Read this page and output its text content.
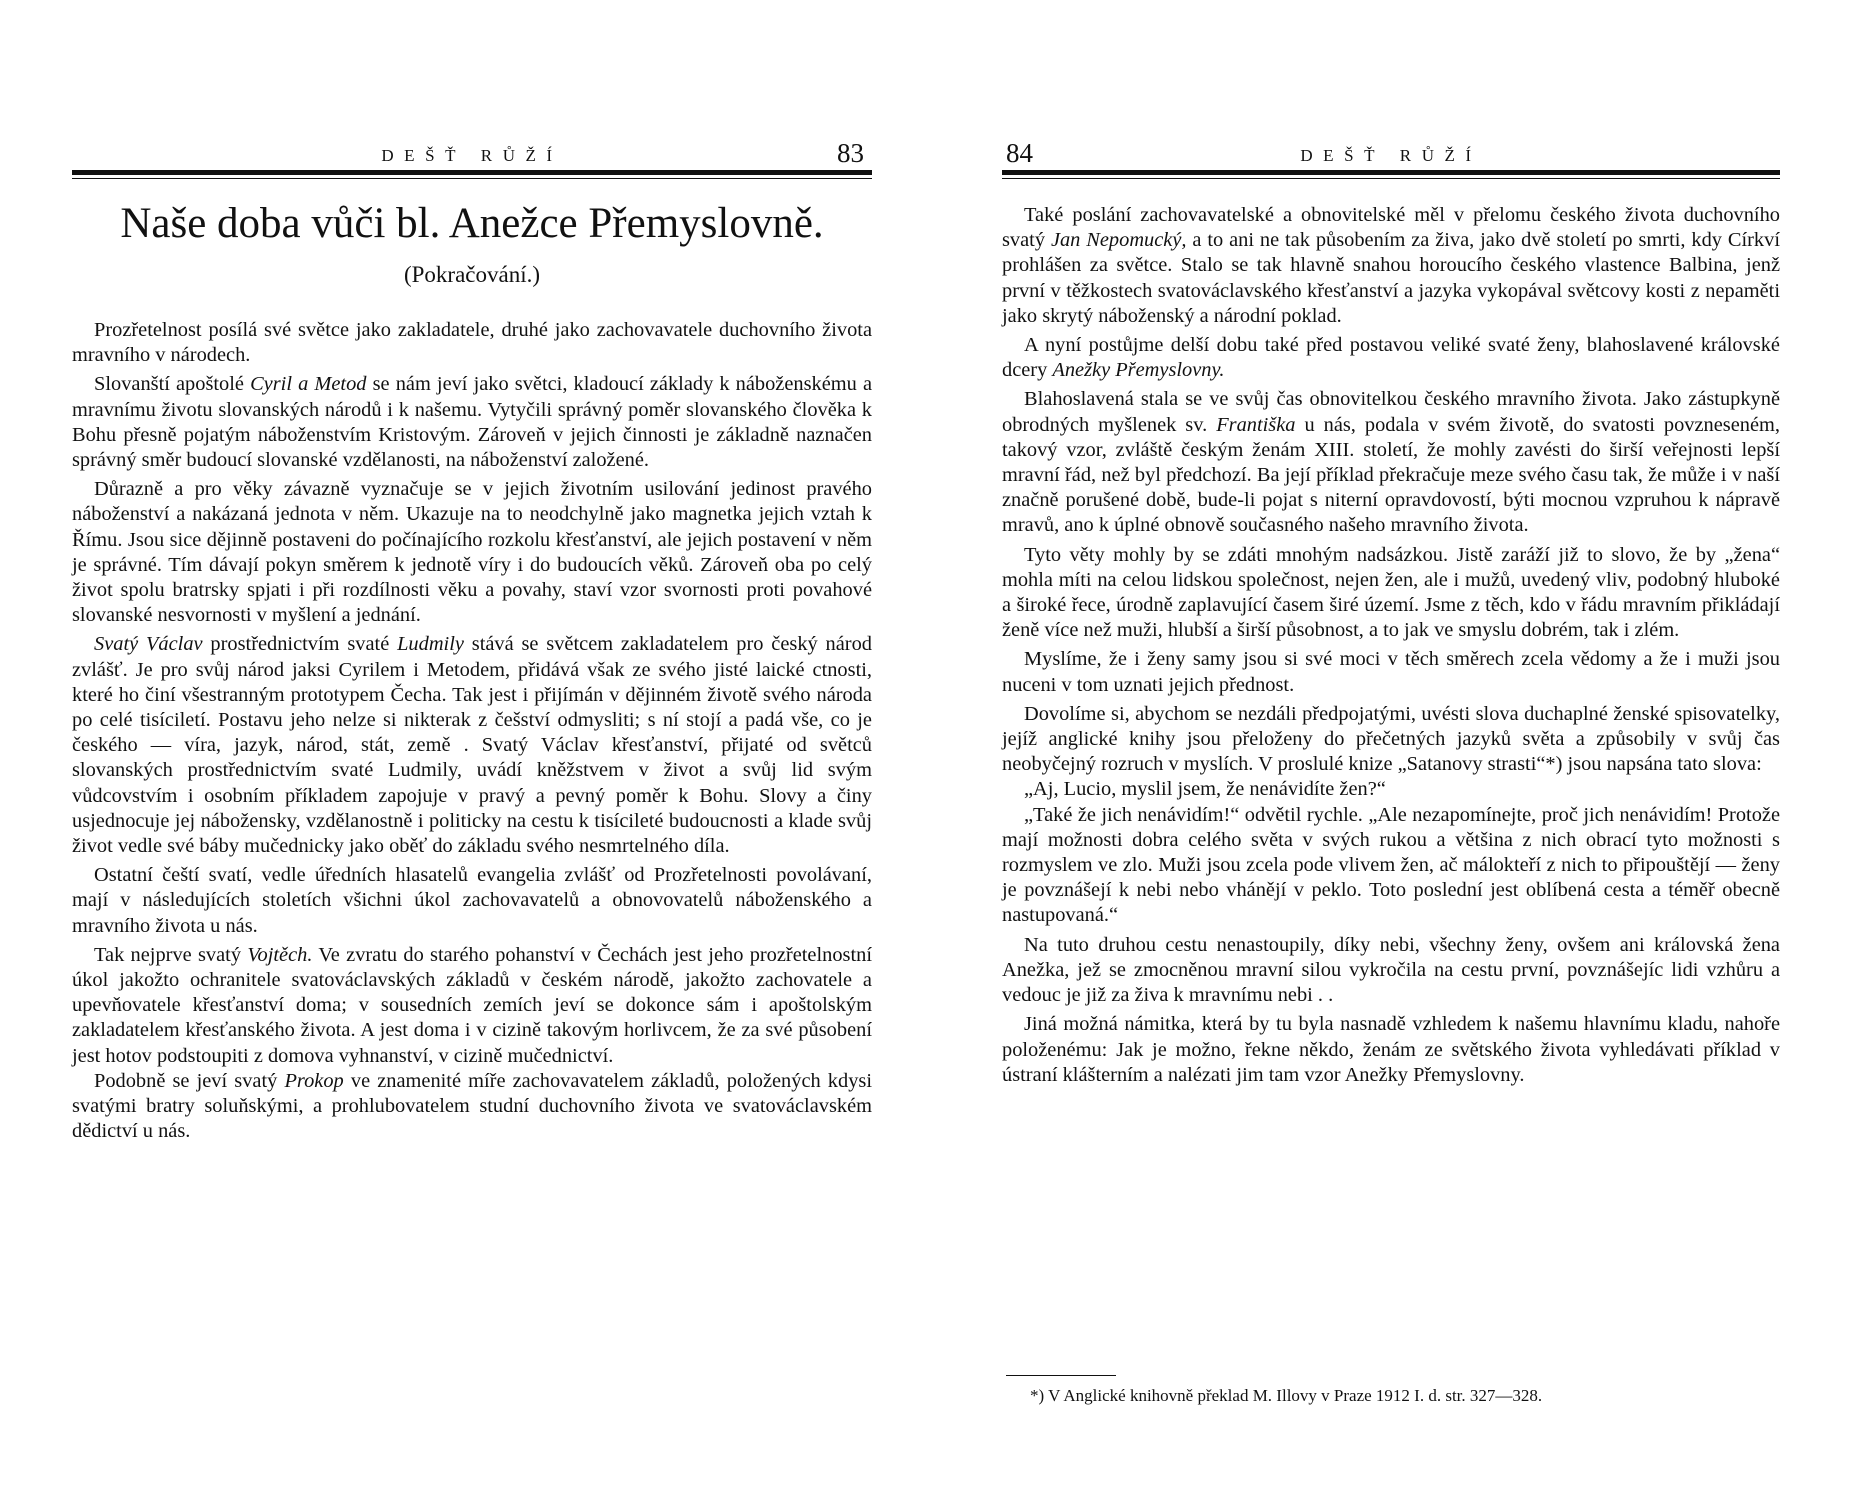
DEŠŤ RŮŽÍ	83
Naše doba vůči bl. Anežce Přemyslovně.

(Pokračování.)

Prozřetelnost posílá své světce jako zakladatele, druhé jako zachovavatele duchovního života mravního v národech.

Slovanští apoštolé Cyril a Metod se nám jeví jako světci, kladoucí základy k náboženskému a mravnímu životu slovanských národů i k našemu. Vytyčili správný poměr slovanského člověka k Bohu přesně pojatým náboženstvím Kristovým. Zároveň v jejich činnosti je základně naznačen správný směr budoucí slovanské vzdělanosti, na náboženství založené.

Důrazně a pro věky závazně vyznačuje se v jejich životním usilování jedinost pravého náboženství a nakázaná jednota v něm. Ukazuje na to neodchylně jako magnetka jejich vztah k Římu. Jsou sice dějinně postaveni do počínajícího rozkolu křesťanství, ale jejich postavení v něm je správné. Tím dávají pokyn směrem k jednotě víry i do budoucích věků. Zároveň oba po celý život spolu bratrsky spjati i při rozdílnosti věku a povahy, staví vzor svornosti proti povahové slovanské nesvornosti v myšlení a jednání.

Svatý Václav prostřednictvím svaté Ludmily stává se světcem zakladatelem pro český národ zvlášť. Je pro svůj národ jaksi Cyrilem i Metodem, přidává však ze svého jisté laické ctnosti, které ho činí všestranným prototypem Čecha. Tak jest i přijímán v dějinném životě svého národa po celé tisíciletí. Postavu jeho nelze si nikterak z češství odmysliti; s ní stojí a padá vše, co je českého — víra, jazyk, národ, stát, země . Svatý Václav křesťanství, přijaté od světců slovanských prostřednictvím svaté Ludmily, uvádí kněžstvem v život a svůj lid svým vůdcovstvím i osobním příkladem zapojuje v pravý a pevný poměr k Bohu. Slovy a činy usjednocuje jej nábožensky, vzdělanostně i politicky na cestu k tisícileté budoucnosti a klade svůj život vedle své báby mučednicky jako oběť do základu svého nesmrtelného díla.

Ostatní čeští svatí, vedle úředních hlasatelů evangelia zvlášť od Prozřetelnosti povolávaní, mají v následujících stoletích všichni úkol zachovavatelů a obnovovatelů náboženského a mravního života u nás.

Tak nejprve svatý Vojtěch. Ve zvratu do starého pohanství v Čechách jest jeho prozřetelnostní úkol jakožto ochranitele svatováclavských základů v českém národě, jakožto zachovatele a upevňovatele křesťanství doma; v sousedních zemích jeví se dokonce sám i apoštolským zakladatelem křesťanského života. A jest doma i v cizině takovým horlivcem, že za své působení jest hotov podstoupiti z domova vyhnanství, v cizině mučednictví.

Podobně se jeví svatý Prokop ve znamenité míře zachovavatelem základů, položených kdysi svatými bratry soluňskými, a prohlubovatelem studní duchovního života ve svatováclavském dědictví u nás.

DEŠŤ RŮŽÍ
84

Také poslání zachovavatelské a obnovitelské měl v přelomu českého života duchovního svatý Jan Nepomucký, a to ani ne tak působením za živa, jako dvě století po smrti, kdy Církví prohlášen za světce. Stalo se tak hlavně snahou horoucího českého vlastence Balbina, jenž první v těžkostech svatováclavského křesťanství a jazyka vykopával světcovy kosti z nepaměti jako skrytý náboženský a národní poklad.

A nyní postůjme delší dobu také před postavou veliké svaté ženy, blahoslavené královské dcery Anežky Přemyslovny.

Blahoslavená stala se ve svůj čas obnovitelkou českého mravního života. Jako zástupkyně obrodných myšlenek sv. Františka u nás, podala v svém životě, do svatosti povzneseném, takový vzor, zvláště českým ženám XIII. století, že mohly zavésti do širší veřejnosti lepší mravní řád, než byl předchozí. Ba její příklad překračuje meze svého času tak, že může i v naší značně porušené době, bude-li pojat s niterní opravdovostí, býti mocnou vzpruhou k nápravě mravů, ano k úplné obnově současného našeho mravního života.

Tyto věty mohly by se zdáti mnohým nadsázkou. Jistě zaráží již to slovo, že by „žena“ mohla míti na celou lidskou společnost, nejen žen, ale i mužů, uvedený vliv, podobný hluboké a široké řece, úrodně zaplavující časem širé území. Jsme z těch, kdo v řádu mravním přikládají ženě více než muži, hlubší a širší působnost, a to jak ve smyslu dobrém, tak i zlém.

Myslíme, že i ženy samy jsou si své moci v těch směrech zcela vědomy a že i muži jsou nuceni v tom uznati jejich přednost.

Dovolíme si, abychom se nezdáli předpojatými, uvésti slova duchaplné ženské spisovatelky, jejíž anglické knihy jsou přeloženy do přečetných jazyků světa a způsobily v svůj čas neobyčejný rozruch v myslích. V proslulé knize „Satanovy strasti“*) jsou napsána tato slova:

„Aj, Lucio, myslil jsem, že nenávidíte žen?“

„Také že jich nenávidím!“ odvětil rychle. „Ale nezapomínejte, proč jich nenávidím! Protože mají možnosti dobra celého světa v svých rukou a většina z nich obrací tyto možnosti s rozmyslem ve zlo. Muži jsou zcela pode vlivem žen, ač málokteří z nich to připouštějí — ženy je povznášejí k nebi nebo vhánějí v peklo. Toto poslední jest oblíbená cesta a téměř obecně nastupovaná.“

Na tuto druhou cestu nenastoupily, díky nebi, všechny ženy, ovšem ani královská žena Anežka, jež se zmocněnou mravní silou vykročila na cestu první, povznášejíc lidi vzhůru a vedouc je již za živa k mravnímu nebi . .

Jiná možná námitka, která by tu byla nasnadě vzhledem k našemu hlavnímu kladu, nahoře položenému: Jak je možno, řekne někdo, ženám ze světského života vyhledávati příklad v ústraní klášterním a nalézati jim tam vzor Anežky Přemyslovny.

*) V Anglické knihovně překlad M. Illovy v Praze 1912 I. d. str. 327—328.
